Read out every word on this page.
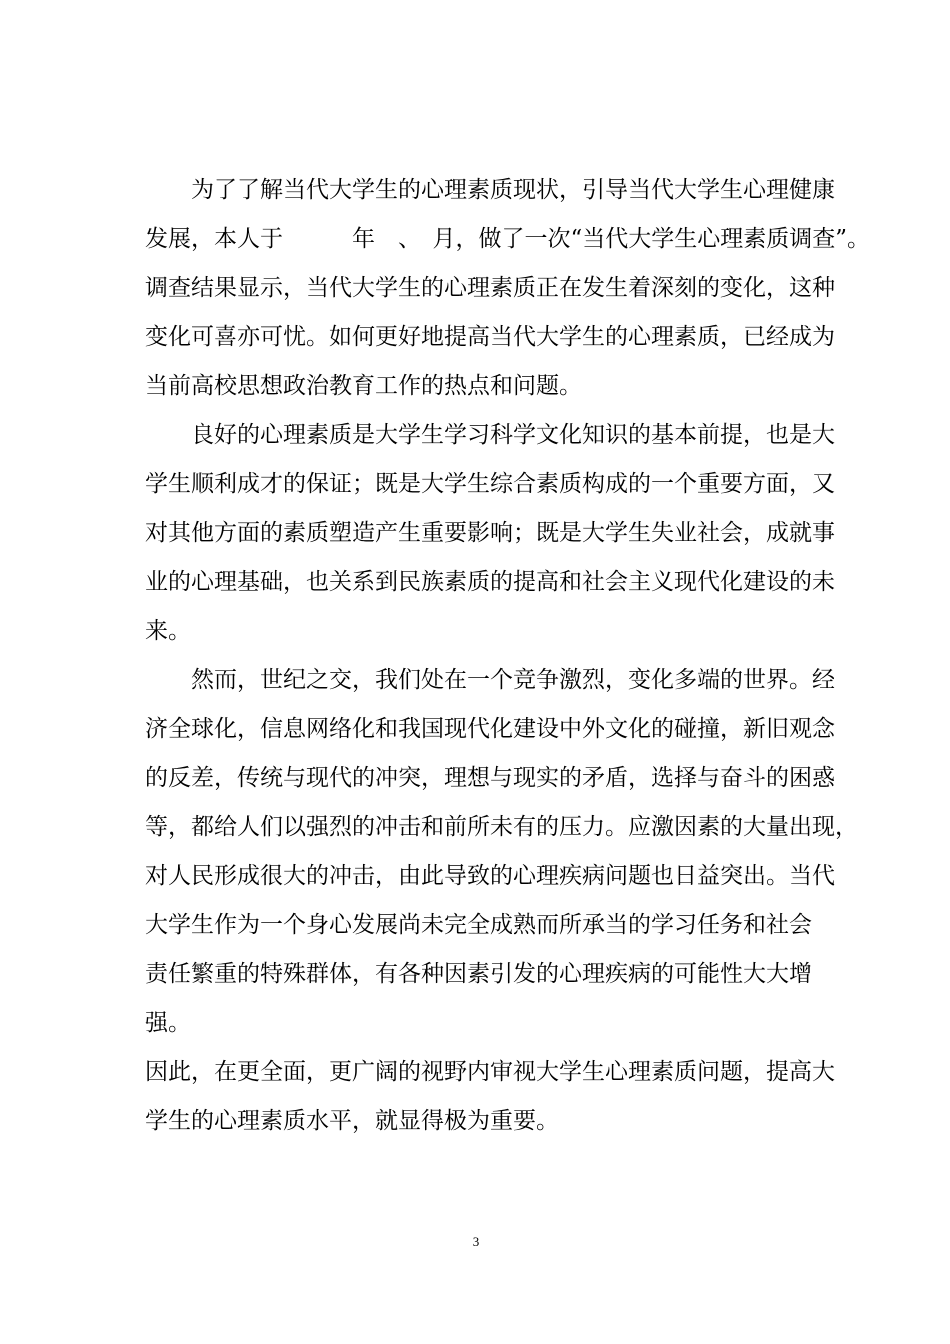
　　为了了解当代大学生的心理素质现状，引导当代大学生心理健康
发展，本人于　　　年　、　月，做了一次“当代大学生心理素质调查”。
调查结果显示，当代大学生的心理素质正在发生着深刻的变化，这种
变化可喜亦可忧。如何更好地提高当代大学生的心理素质，已经成为
当前高校思想政治教育工作的热点和问题。
　　良好的心理素质是大学生学习科学文化知识的基本前提，也是大
学生顺利成才的保证；既是大学生综合素质构成的一个重要方面，又
对其他方面的素质塑造产生重要影响；既是大学生失业社会，成就事
业的心理基础，也关系到民族素质的提高和社会主义现代化建设的未
来。
　　然而，世纪之交，我们处在一个竞争激烈，变化多端的世界。经
济全球化，信息网络化和我国现代化建设中外文化的碰撞，新旧观念
的反差，传统与现代的冲突，理想与现实的矛盾，选择与奋斗的困惑
等，都给人们以强烈的冲击和前所未有的压力。应激因素的大量出现，
对人民形成很大的冲击，由此导致的心理疾病问题也日益突出。当代
大学生作为一个身心发展尚未完全成熟而所承当的学习任务和社会
责任繁重的特殊群体，有各种因素引发的心理疾病的可能性大大增
强。
因此，在更全面，更广阔的视野内审视大学生心理素质问题，提高大
学生的心理素质水平，就显得极为重要。
3
